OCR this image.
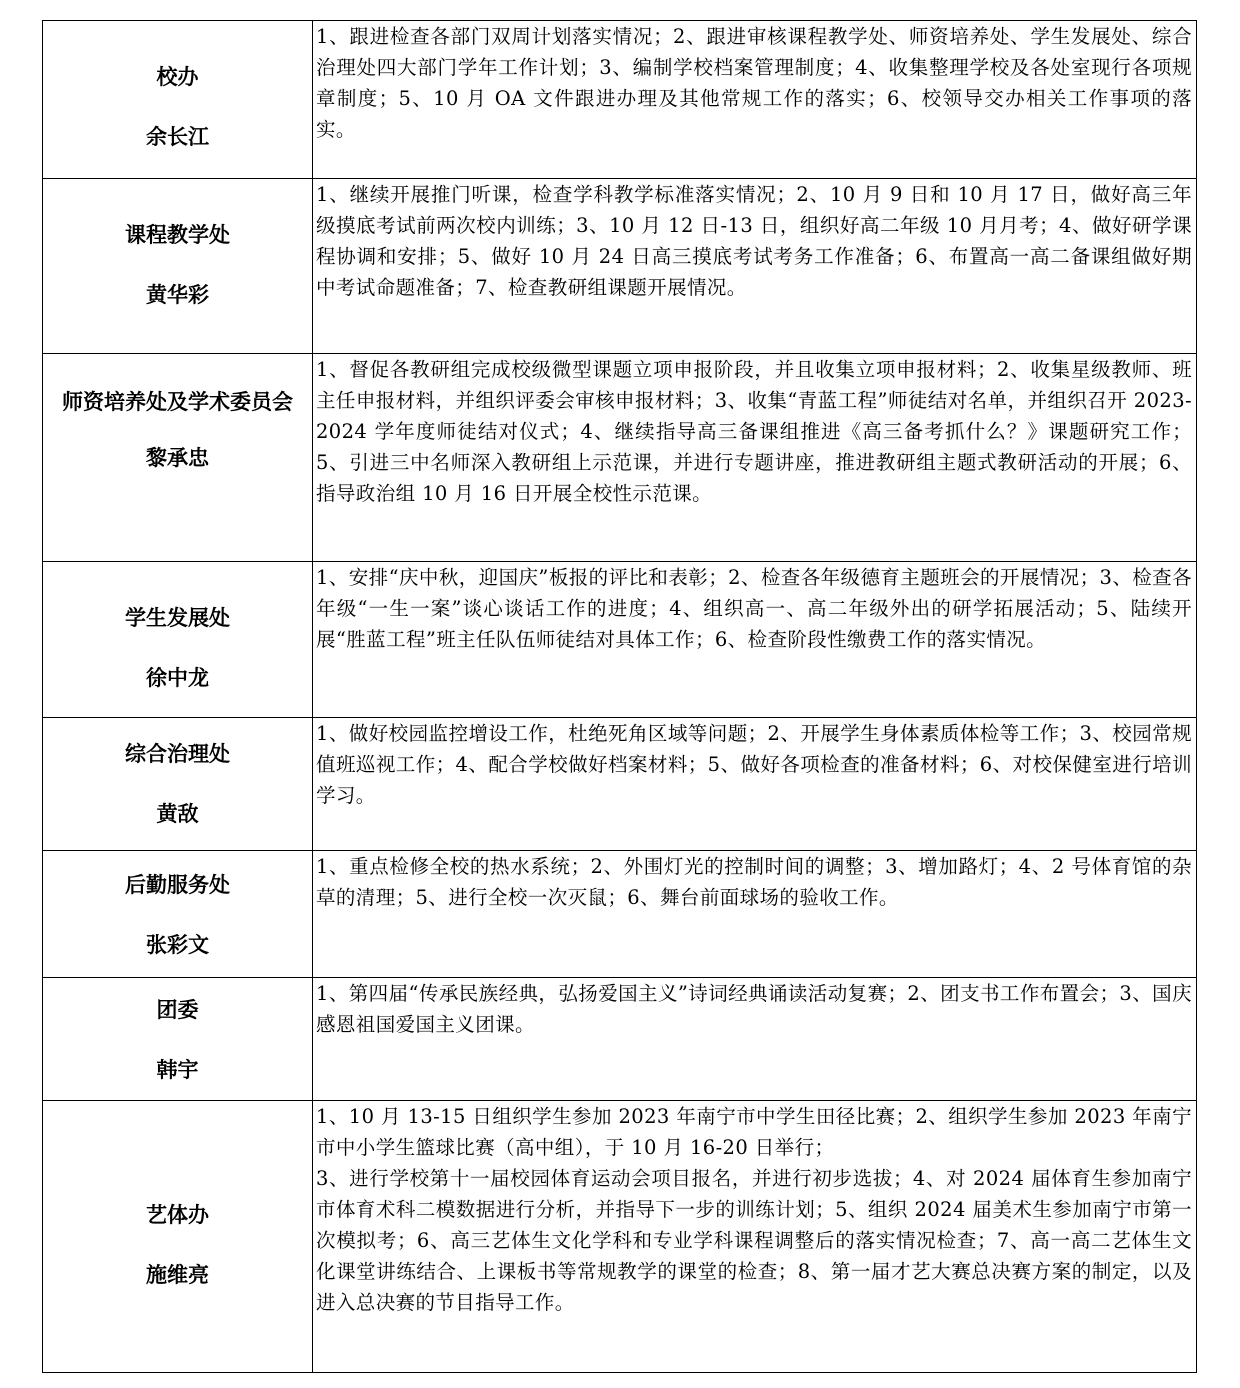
校办
余长江	1、跟进检查各部门双周计划落实情况；2、跟进审核课程教学处、师资培养处、学生发展处、综合治理处四大部门学年工作计划；3、编制学校档案管理制度；4、收集整理学校及各处室现行各项规章制度；5、10 月 OA 文件跟进办理及其他常规工作的落实；6、校领导交办相关工作事项的落实。

课程教学处
黄华彩	1、继续开展推门听课，检查学科教学标准落实情况；2、10 月 9 日和 10 月 17 日，做好高三年级摸底考试前两次校内训练；3、10 月 12 日-13 日，组织好高二年级 10 月月考；4、做好研学课程协调和安排；5、做好 10 月 24 日高三摸底考试考务工作准备；6、布置高一高二备课组做好期中考试命题准备；7、检查教研组课题开展情况。

师资培养处及学术委员会
黎承忠	1、督促各教研组完成校级微型课题立项申报阶段，并且收集立项申报材料；2、收集星级教师、班主任申报材料，并组织评委会审核申报材料；3、收集“青蓝工程”师徒结对名单，并组织召开 2023-2024 学年度师徒结对仪式；4、继续指导高三备课组推进《高三备考抓什么？》课题研究工作；5、引进三中名师深入教研组上示范课，并进行专题讲座，推进教研组主题式教研活动的开展；6、指导政治组 10 月 16 日开展全校性示范课。

学生发展处
徐中龙	1、安排“庆中秋，迎国庆”板报的评比和表彰；2、检查各年级德育主题班会的开展情况；3、检查各年级“一生一案”谈心谈话工作的进度；4、组织高一、高二年级外出的研学拓展活动；5、陆续开展“胜蓝工程”班主任队伍师徒结对具体工作；6、检查阶段性缴费工作的落实情况。

综合治理处
黄敌	1、做好校园监控增设工作，杜绝死角区域等问题；2、开展学生身体素质体检等工作；3、校园常规值班巡视工作；4、配合学校做好档案材料；5、做好各项检查的准备材料；6、对校保健室进行培训学习。

后勤服务处
张彩文	1、重点检修全校的热水系统；2、外围灯光的控制时间的调整；3、增加路灯；4、2 号体育馆的杂草的清理；5、进行全校一次灭鼠；6、舞台前面球场的验收工作。

团委
韩宇	1、第四届“传承民族经典，弘扬爱国主义”诗词经典诵读活动复赛；2、团支书工作布置会；3、国庆感恩祖国爱国主义团课。

艺体办
施维亮	1、10 月 13-15 日组织学生参加 2023 年南宁市中学生田径比赛；2、组织学生参加 2023 年南宁市中小学生篮球比赛（高中组），于 10 月 16-20 日举行；
3、进行学校第十一届校园体育运动会项目报名，并进行初步选拔；4、对 2024 届体育生参加南宁市体育术科二模数据进行分析，并指导下一步的训练计划；5、组织 2024 届美术生参加南宁市第一次模拟考；6、高三艺体生文化学科和专业学科课程调整后的落实情况检查；7、高一高二艺体生文化课堂讲练结合、上课板书等常规教学的课堂的检查；8、第一届才艺大赛总决赛方案的制定，以及进入总决赛的节目指导工作。
